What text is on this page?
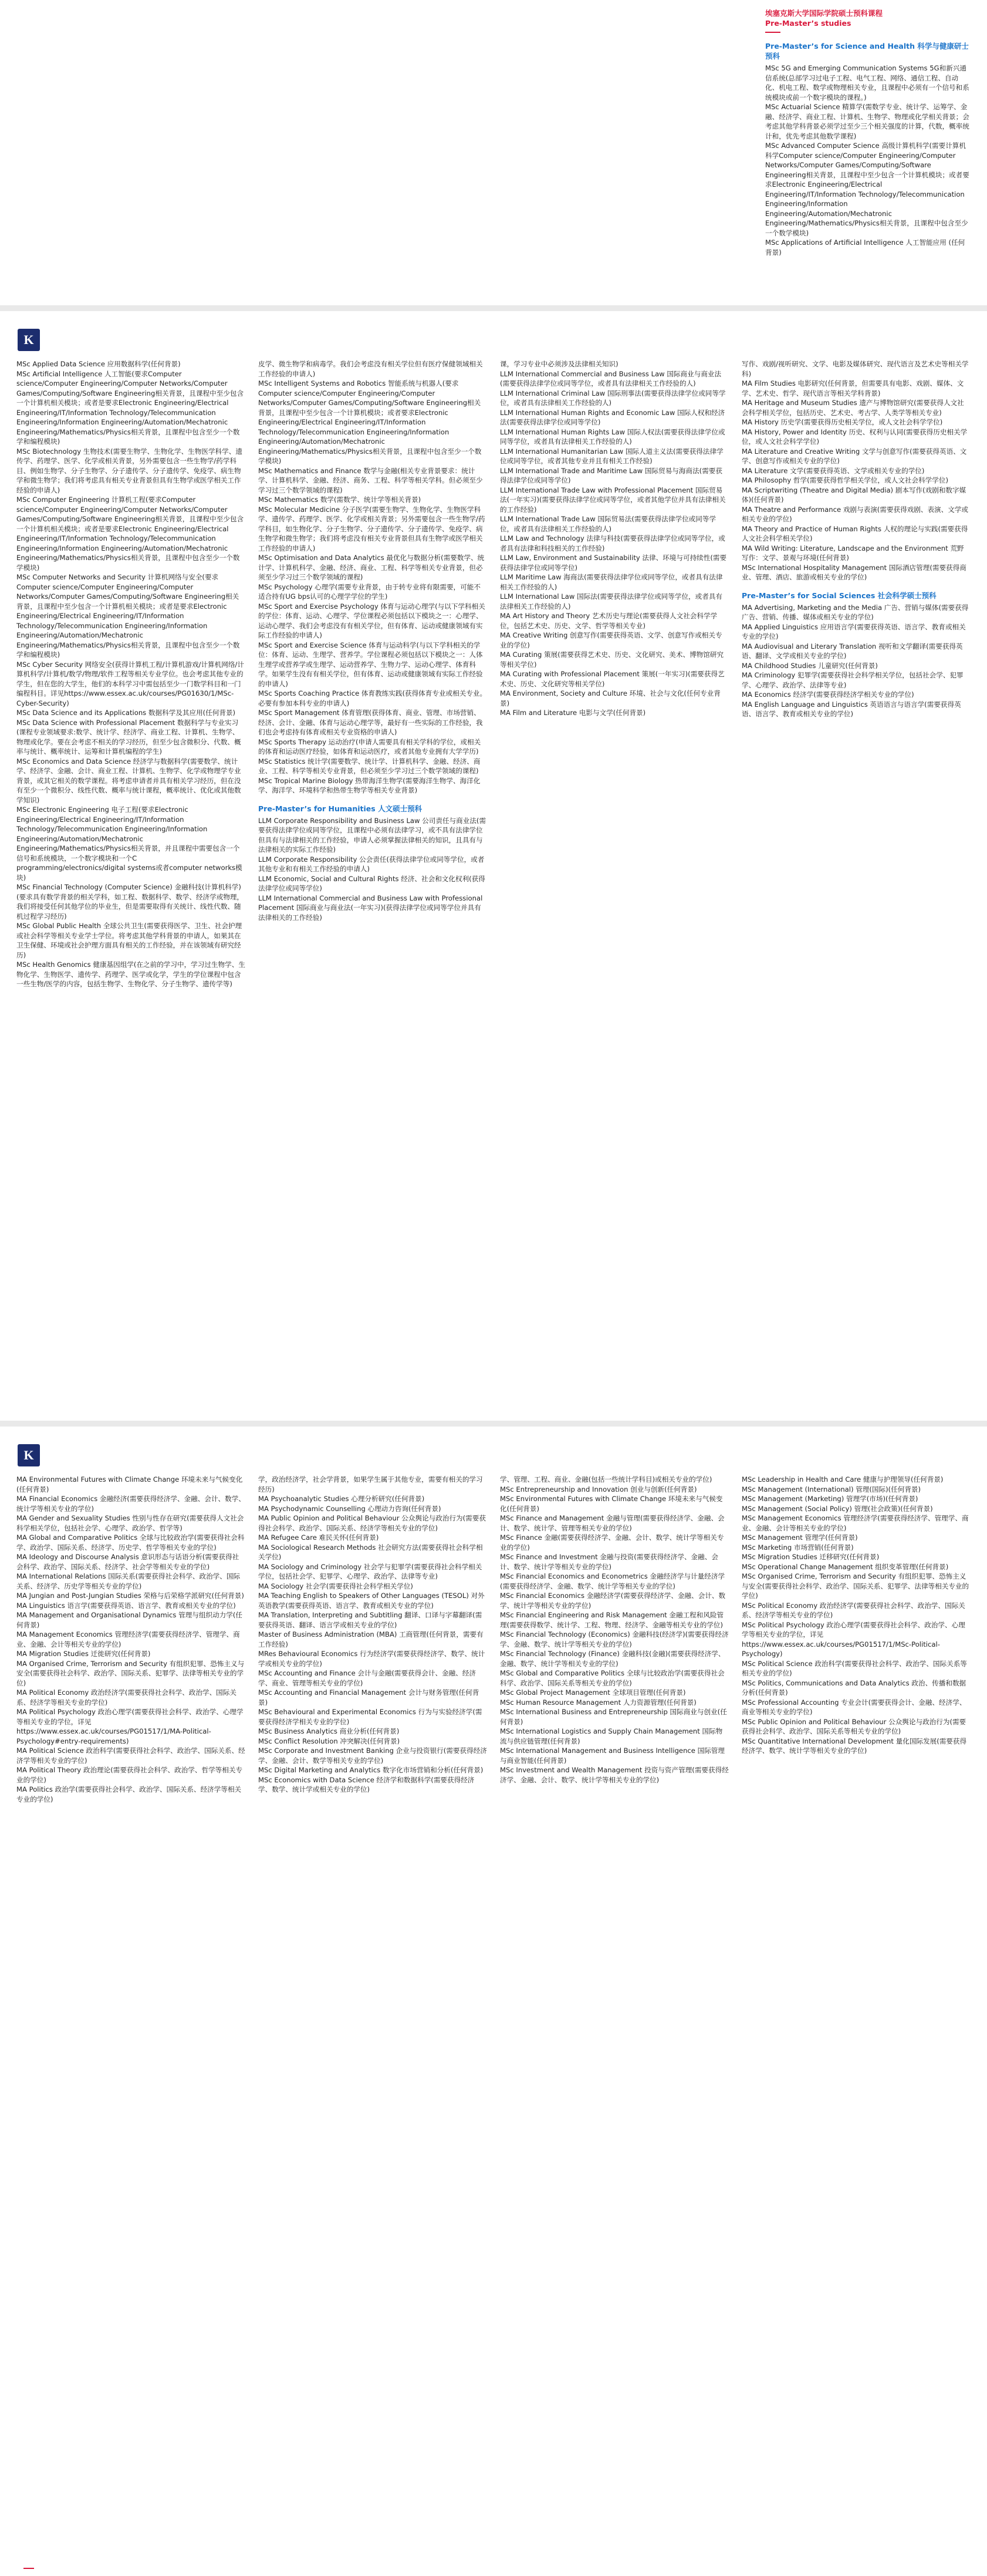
埃塞克斯大学国际学院硕士预科课程

Pre-Master’s studies

Pre-Master’s for Science and Health 科学与健康研士预科

MSc 5G and Emerging Communication Systems 5G和新兴通信系统(总部学习过电子工程、电气工程、网络、通信工程、自动化、机电工程、数学或物理相关专业，且课程中必须有一个信号和系统模块或前一个数字模块的课程。)

MSc Actuarial Science 精算学(需数学专业、统计学、运筹学、金融、经济学、商业工程、计算机、生物学、物理或化学相关背景；会考虑其他学科背景必须学过至少三个相关强度的计算，代数，概率统计和，优先考虑其他数学课程)

MSc Advanced Computer Science 高级计算机科学(需要计算机科学Computer science/Computer Engineering/Computer Networks/Computer Games/Computing/Software Engineering相关背景，且课程中至少包含一个计算机模块；或者要求Electronic Engineering/Electrical Engineering/IT/Information Technology/Telecommunication Engineering/Information Engineering/Automation/Mechatronic Engineering/Mathematics/Physics相关背景，且课程中包含至少一个数学模块)

MSc Applications of Artificial Intelligence 人工智能应用 (任何背景)

K

MSc Applied Data Science 应用数据科学(任何背景)

MSc Artificial Intelligence 人工智能(要求Computer science/Computer Engineering/Computer Networks/Computer Games/Computing/Software Engineering相关背景，且课程中至少包含一个计算机相关模块；或者是要求Electronic Engineering/Electrical Engineering/IT/Information Technology/Telecommunication Engineering/Information Engineering/Automation/Mechatronic Engineering/Mathematics/Physics相关背景，且课程中包含至少一个数学和编程模块)

MSc Biotechnology 生物技术(需要生物学、生物化学、生物医学科学、遗传学、药理学、医学、化学或相关背景，另外需要包含一些生物学/药学科目、例如生物学、分子生物学、分子遗传学、分子遗传学、免疫学、病生物学和微生物学；我们将考虑具有相关专业背景但具有生物学或医学相关工作经验的申请人)

MSc Computer Engineering 计算机工程(要求Computer science/Computer Engineering/Computer Networks/Computer Games/Computing/Software Engineering相关背景，且课程中至少包含一个计算机相关模块；或者是要求Electronic Engineering/Electrical Engineering/IT/Information Technology/Telecommunication Engineering/Information Engineering/Automation/Mechatronic Engineering/Mathematics/Physics相关背景，且课程中包含至少一个数学模块)

MSc Computer Networks and Security 计算机网络与安全(要求Computer science/Computer Engineering/Computer Networks/Computer Games/Computing/Software Engineering相关背景，且课程中至少包含一个计算机相关模块；或者是要求Electronic Engineering/Electrical Engineering/IT/Information Technology/Telecommunication Engineering/Information Engineering/Automation/Mechatronic Engineering/Mathematics/Physics相关背景，且课程中包含至少一个数学和编程模块)

MSc Cyber Security 网络安全(获得计算机工程/计算机游戏/计算机网络/计算机科学/计算机/数学/物理/软件工程等相关专业学位。也会考虑其他专业的学生，但在您的大学生，他们的本科学习中需包括至少一门数学科目和一门编程科目。详见https://www.essex.ac.uk/courses/PG01630/1/MSc-Cyber-Security)

MSc Data Science and its Applications 数据科学及其应用(任何背景)

MSc Data Science with Professional Placement 数据科学与专业实习(课程专业领域要求:数学、统计学、经济学、商业工程、计算机、生物学、物理或化学。要在会考虑不相关的学习经历，但至少包含微积分、代数、概率与统计、概率统计、运筹和计算机编程的学生)

MSc Economics and Data Science 经济学与数据科学(需要数学、统计学、经济学、金融、会计、商业工程、计算机、生物学、化学或物理学专业背景，或其它相关的数学课程。将考虑申请者并具有相关学习经历，但在没有至少一个微积分、线性代数、概率与统计课程，概率统计、优化或其他数学知识)

MSc Electronic Engineering 电子工程(要求Electronic Engineering/Electrical Engineering/IT/Information Technology/Telecommunication Engineering/Information Engineering/Automation/Mechatronic Engineering/Mathematics/Physics相关背景，并且课程中需要包含一个信号和系统模块，一个数字模块和一个C programming/electronics/digital systems或者computer networks模块)

MSc Financial Technology (Computer Science) 金融科技(计算机科学)(要求具有数学背景的相关学科，如工程、数据科学、数学、经济学或物理，我们将接受任何其他学位的毕业生，但是需要取得有关统计、线性代数、随机过程学习经历)

MSc Global Public Health 全球公共卫生(需要获得医学、卫生、社会护理或社会科学等相关专业学士学位。将考虑其他学科背景的申请人，如果其在卫生保健、环境或社会护理方面具有相关的工作经验，并在该领域有研究经历)

MSc Health Genomics 健康基因组学(在之前的学习中，学习过生物学、生物化学、生物医学、遗传学、药理学、医学或化学，学生的学位课程中包含一些生物/医学的内容，包括生物学、生物化学、分子生物学、遗传学等)

皮学、微生物学和病毒学。我们会考虑没有相关学位但有医疗保健领域相关工作经验的申请人)

MSc Intelligent Systems and Robotics 智能系统与机器人(要求Computer science/Computer Engineering/Computer Networks/Computer Games/Computing/Software Engineering相关背景，且课程中至少包含一个计算机模块；或者要求Electronic Engineering/Electrical Engineering/IT/Information Technology/Telecommunication Engineering/Information Engineering/Automation/Mechatronic Engineering/Mathematics/Physics相关背景，且课程中包含至少一个数学模块)

MSc Mathematics and Finance 数学与金融(相关专业背景要求：统计学、计算机科学、金融、经济、商务、工程、科学等相关学科。但必须至少学习过三个数学领域的课程)

MSc Mathematics 数学(需数学、统计学等相关背景)

MSc Molecular Medicine 分子医学(需要生物学、生物化学、生物医学科学、遗传学、药理学、医学、化学或相关背景；另外需要包含一些生物学/药学科目，如生物化学、分子生物学、分子遗传学、分子遗传学、免疫学、病生物学和微生物学；我们将考虑没有相关专业背景但具有生物学或医学相关工作经验的申请人)

MSc Optimisation and Data Analytics 最优化与数据分析(需要数学、统计学、计算机科学、金融、经济、商业、工程、科学等相关专业背景，但必须至少学习过三个数学领域的课程)

MSc Psychology 心理学(需要专业背景，由于转专业将有限需要，可能不适合持有UG bps认可的心理学学位的学生)

MSc Sport and Exercise Psychology 体育与运动心理学(与以下学科相关的学位：体育、运动、心理学、学位课程必须包括以下模块之一：心理学、运动心理学、我们会考虑没有有相关学位，但有体育、运动或健康领域有实际工作经验的申请人)

MSc Sport and Exercise Science 体育与运动科学(与以下学科相关的学位：体育、运动、生理学、营养学。学位课程必须包括以下模块之一：人体生理学或营养学或生理学、运动营养学、生物力学、运动心理学、体育科学。如果学生没有有相关学位，但有体育、运动或健康领域有实际工作经验的申请人)

MSc Sports Coaching Practice 体育教练实践(获得体育专业或相关专业。必要有参加本科专业的申请人)

MSc Sport Management 体育管理(获得体育、商业、管理、市场营销、经济、会计、金融、体育与运动心理学等，最好有一些实际的工作经验，我们也会考虑持有体育或相关专业资格的申请人)

MSc Sports Therapy 运动治疗(申请人需要具有相关学科的学位，或相关的体育和运动医疗经验，如体育和运动医疗，或者其他专业拥有大学学历)

MSc Statistics 统计学(需要数学、统计学、计算机科学、金融、经济、商业、工程、科学等相关专业背景，但必须至少学习过三个数学领域的课程)

MSc Tropical Marine Biology 热带海洋生物学(需要海洋生物学、海洋化学、海洋学、环境科学和热带生物学等相关专业背景)

Pre-Master’s for Humanities 人文硕士预科

LLM Corporate Responsibility and Business Law 公司责任与商业法(需要获得法律学位或同等学位，且课程中必须有法律学习，或不具有法律学位但具有与法律相关的工作经验，申请人必须掌握法律相关的知识，且具有与法律相关的实际工作经验)

LLM Corporate Responsibility 公会责任(获得法律学位或同等学位，或者其他专业和有相关工作经验的申请人)

LLM Economic, Social and Cultural Rights 经济、社会和文化权利(获得法律学位或同等学位)

LLM International Commercial and Business Law with Professional Placement 国际商业与商业法(一年实习)(获得法律学位或同等学位并具有法律相关的工作经验)

课，学习专业中必须涉及法律相关知识)

LLM International Commercial and Business Law 国际商业与商业法(需要获得法律学位或同等学位，或者具有法律相关工作经验的人)

LLM International Criminal Law 国际刑事法(需要获得法律学位或同等学位，或者具有法律相关工作经验的人)

LLM International Human Rights and Economic Law 国际人权和经济法(需要获得法律学位或同等学位)

LLM International Human Rights Law 国际人权法(需要获得法律学位或同等学位，或者具有法律相关工作经验的人)

LLM International Humanitarian Law 国际人道主义法(需要获得法律学位或同等学位，或者其他专业并且有相关工作经验)

LLM International Trade and Maritime Law 国际贸易与海商法(需要获得法律学位或同等学位)

LLM International Trade Law with Professional Placement 国际贸易法(一年实习)(需要获得法律学位或同等学位，或者其他学位并具有法律相关的工作经验)

LLM International Trade Law 国际贸易法(需要获得法律学位或同等学位，或者具有法律相关工作经验的人)

LLM Law and Technology 法律与科技(需要获得法律学位或同等学位，或者具有法律和科技相关的工作经验)

LLM Law, Environment and Sustainability 法律、环境与可持续性(需要获得法律学位或同等学位)

LLM Maritime Law 海商法(需要获得法律学位或同等学位，或者具有法律相关工作经验的人)

LLM International Law 国际法(需要获得法律学位或同等学位，或者具有法律相关工作经验的人)

MA Art History and Theory 艺术历史与理论(需要获得人文社会科学学位，包括艺术史、历史、文学、哲学等相关专业)

MA Creative Writing 创意写作(需要获得英语、文学、创意写作或相关专业的学位)

MA Curating 策展(需要获得艺术史、历史、文化研究、美术、博物馆研究等相关学位)

MA Curating with Professional Placement 策展(一年实习)(需要获得艺术史、历史、文化研究等相关学位)

MA Environment, Society and Culture 环境、社会与文化(任何专业背景)

MA Film and Literature 电影与文学(任何背景)

写作、戏剧/视听研究、文学、电影及媒体研究、现代语言及艺术史等相关学科)

MA Film Studies 电影研究(任何背景，但需要具有电影、戏剧、媒体、文学、艺术史、哲学、现代语言等相关学科背景)

MA Heritage and Museum Studies 遗产与博物馆研究(需要获得人文社会科学相关学位，包括历史、艺术史、考古学、人类学等相关专业)

MA History 历史学(需要获得历史相关学位，或人文社会科学学位)

MA History, Power and Identity 历史、权利与认同(需要获得历史相关学位，或人文社会科学学位)

MA Literature and Creative Writing 文学与创意写作(需要获得英语、文学、创意写作或相关专业的学位)

MA Literature 文学(需要获得英语、文学或相关专业的学位)

MA Philosophy 哲学(需要获得哲学相关学位，或人文社会科学学位)

MA Scriptwriting (Theatre and Digital Media) 剧本写作(戏剧和数字媒体)(任何背景)

MA Theatre and Performance 戏剧与表演(需要获得戏剧、表演、文学或相关专业的学位)

MA Theory and Practice of Human Rights 人权的理论与实践(需要获得人文社会科学相关学位)

MA Wild Writing: Literature, Landscape and the Environment 荒野写作：文学、景观与环境(任何背景)

MSc International Hospitality Management 国际酒店管理(需要获得商业、管理、酒店、旅游或相关专业的学位)

Pre-Master’s for Social Sciences 社会科学硕士预科

MA Advertising, Marketing and the Media 广告、营销与媒体(需要获得广告、营销、传播、媒体或相关专业的学位)

MA Applied Linguistics 应用语言学(需要获得英语、语言学、教育或相关专业的学位)

MA Audiovisual and Literary Translation 视听和文学翻译(需要获得英语、翻译、文学或相关专业的学位)

MA Childhood Studies 儿童研究(任何背景)

MA Criminology 犯罪学(需要获得社会科学相关学位，包括社会学、犯罪学、心理学、政治学、法律等专业)

MA Economics 经济学(需要获得经济学相关专业的学位)

MA English Language and Linguistics 英语语言与语言学(需要获得英语、语言学、教育或相关专业的学位)

K

MA Environmental Futures with Climate Change 环境未来与气候变化(任何背景)

MA Financial Economics 金融经济(需要获得经济学、金融、会计、数学、统计学等相关专业的学位)

MA Gender and Sexuality Studies 性别与性存在研究(需要获得人文社会科学相关学位，包括社会学、心理学、政治学、哲学等)

MA Global and Comparative Politics 全球与比较政治学(需要获得社会科学、政治学、国际关系、经济学、历史学、哲学等相关专业的学位)

MA Ideology and Discourse Analysis 意识形态与话语分析(需要获得社会科学、政治学、国际关系、经济学、社会学等相关专业的学位)

MA International Relations 国际关系(需要获得社会科学、政治学、国际关系、经济学、历史学等相关专业的学位)

MA Jungian and Post-Jungian Studies 荣格与后荣格学派研究(任何背景)

MA Linguistics 语言学(需要获得英语、语言学、教育或相关专业的学位)

MA Management and Organisational Dynamics 管理与组织动力学(任何背景)

MA Management Economics 管理经济学(需要获得经济学、管理学、商业、金融、会计等相关专业的学位)

MA Migration Studies 迁徙研究(任何背景)

MA Organised Crime, Terrorism and Security 有组织犯罪、恐怖主义与安全(需要获得社会科学、政治学、国际关系、犯罪学、法律等相关专业的学位)

MA Political Economy 政治经济学(需要获得社会科学、政治学、国际关系、经济学等相关专业的学位)

MA Political Psychology 政治心理学(需要获得社会科学、政治学、心理学等相关专业的学位，详见https://www.essex.ac.uk/courses/PG01517/1/MA-Political-Psychology#entry-requirements)

MA Political Science 政治科学(需要获得社会科学、政治学、国际关系、经济学等相关专业的学位)

MA Political Theory 政治理论(需要获得社会科学、政治学、哲学等相关专业的学位)

MA Politics 政治学(需要获得社会科学、政治学、国际关系、经济学等相关专业的学位)

学，政治经济学，社会学背景，如果学生属于其他专业，需要有相关的学习经历)

MA Psychoanalytic Studies 心理分析研究(任何背景)

MA Psychodynamic Counselling 心理动力咨询(任何背景)

MA Public Opinion and Political Behaviour 公众舆论与政治行为(需要获得社会科学、政治学、国际关系、经济学等相关专业的学位)

MA Refugee Care 难民关怀(任何背景)

MA Sociological Research Methods 社会研究方法(需要获得社会科学相关学位)

MA Sociology and Criminology 社会学与犯罪学(需要获得社会科学相关学位，包括社会学、犯罪学、心理学、政治学、法律等专业)

MA Sociology 社会学(需要获得社会科学相关学位)

MA Teaching English to Speakers of Other Languages (TESOL) 对外英语教学(需要获得英语、语言学、教育或相关专业的学位)

MA Translation, Interpreting and Subtitling 翻译、口译与字幕翻译(需要获得英语、翻译、语言学或相关专业的学位)

Master of Business Administration (MBA) 工商管理(任何背景，需要有工作经验)

MRes Behavioural Economics 行为经济学(需要获得经济学、数学、统计学或相关专业的学位)

MSc Accounting and Finance 会计与金融(需要获得会计、金融、经济学、商业、管理等相关专业的学位)

MSc Accounting and Financial Management 会计与财务管理(任何背景)

MSc Behavioural and Experimental Economics 行为与实验经济学(需要获得经济学相关专业的学位)

MSc Business Analytics 商业分析(任何背景)

MSc Conflict Resolution 冲突解决(任何背景)

MSc Corporate and Investment Banking 企业与投资银行(需要获得经济学、金融、会计、数学等相关专业的学位)

MSc Digital Marketing and Analytics 数字化市场营销和分析(任何背景)

MSc Economics with Data Science 经济学和数据科学(需要获得经济学、数学、统计学或相关专业的学位)

学、管理、工程、商业、金融(包括一些统计学科目)或相关专业的学位)

MSc Entrepreneurship and Innovation 创业与创新(任何背景)

MSc Environmental Futures with Climate Change 环境未来与气候变化(任何背景)

MSc Finance and Management 金融与管理(需要获得经济学、金融、会计、数学、统计学、管理等相关专业的学位)

MSc Finance 金融(需要获得经济学、金融、会计、数学、统计学等相关专业的学位)

MSc Finance and Investment 金融与投资(需要获得经济学、金融、会计、数学、统计学等相关专业的学位)

MSc Financial Economics and Econometrics 金融经济学与计量经济学(需要获得经济学、金融、数学、统计学等相关专业的学位)

MSc Financial Economics 金融经济学(需要获得经济学、金融、会计、数学、统计学等相关专业的学位)

MSc Financial Engineering and Risk Management 金融工程和风险管理(需要获得数学、统计学、工程、物理、经济学、金融等相关专业的学位)

MSc Financial Technology (Economics) 金融科技(经济学)(需要获得经济学、金融、数学、统计学等相关专业的学位)

MSc Financial Technology (Finance) 金融科技(金融)(需要获得经济学、金融、数学、统计学等相关专业的学位)

MSc Global and Comparative Politics 全球与比较政治学(需要获得社会科学、政治学、国际关系等相关专业的学位)

MSc Global Project Management 全球项目管理(任何背景)

MSc Human Resource Management 人力资源管理(任何背景)

MSc International Business and Entrepreneurship 国际商业与创业(任何背景)

MSc International Logistics and Supply Chain Management 国际物流与供应链管理(任何背景)

MSc International Management and Business Intelligence 国际管理与商业智能(任何背景)

MSc Investment and Wealth Management 投资与资产管理(需要获得经济学、金融、会计、数学、统计学等相关专业的学位)

MSc Leadership in Health and Care 健康与护理领导(任何背景)

MSc Management (International) 管理(国际)(任何背景)

MSc Management (Marketing) 管理学(市场)(任何背景)

MSc Management (Social Policy) 管理(社会政策)(任何背景)

MSc Management Economics 管理经济学(需要获得经济学、管理学、商业、金融、会计等相关专业的学位)

MSc Management 管理学(任何背景)

MSc Marketing 市场营销(任何背景)

MSc Migration Studies 迁移研究(任何背景)

MSc Operational Change Management 组织变革管理(任何背景)

MSc Organised Crime, Terrorism and Security 有组织犯罪、恐怖主义与安全(需要获得社会科学、政治学、国际关系、犯罪学、法律等相关专业的学位)

MSc Political Economy 政治经济学(需要获得社会科学、政治学、国际关系、经济学等相关专业的学位)

MSc Political Psychology 政治心理学(需要获得社会科学、政治学、心理学等相关专业的学位，详见https://www.essex.ac.uk/courses/PG01517/1/MSc-Political-Psychology)

MSc Political Science 政治科学(需要获得社会科学、政治学、国际关系等相关专业的学位)

MSc Politics, Communications and Data Analytics 政治、传播和数据分析(任何背景)

MSc Professional Accounting 专业会计(需要获得会计、金融、经济学、商业等相关专业的学位)

MSc Public Opinion and Political Behaviour 公众舆论与政治行为(需要获得社会科学、政治学、国际关系等相关专业的学位)

MSc Quantitative International Development 量化国际发展(需要获得经济学、数学、统计学等相关专业的学位)
